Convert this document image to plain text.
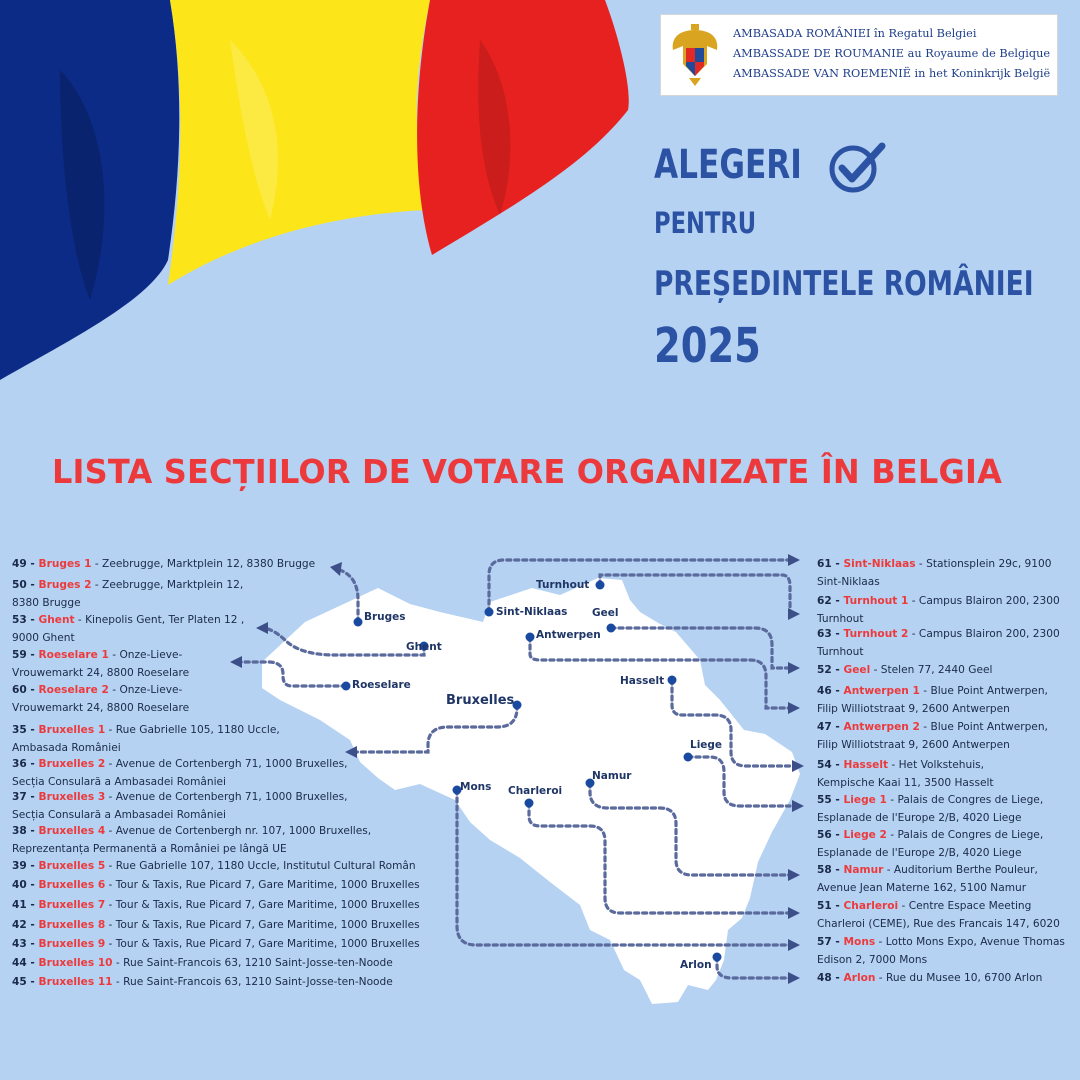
AMBASADA ROMÂNIEI în Regatul Belgiei
AMBASSADE DE ROUMANIE au Royaume de Belgique
AMBASSADE VAN ROEMENIË in het Koninkrijk België
ALEGERI
PENTRU
PREȘEDINTELE ROMÂNIEI
2025
LISTA SECȚIILOR DE VOTARE ORGANIZATE ÎN BELGIA
Bruges
Ghent
Roeselare
Turnhout
Sint-Niklaas Geel
Antwerpen
Bruxelles
Hasselt
Liege
Mons Charleroi
Namur
Arlon
49 - Bruges 1 - Zeebrugge, Marktplein 12, 8380 Brugge
50 - Bruges 2 - Zeebrugge, Marktplein 12,
8380 Brugge
53 - Ghent - Kinepolis Gent, Ter Platen 12 ,
9000 Ghent
59 - Roeselare 1 - Onze-Lieve-
Vrouwemarkt 24, 8800 Roeselare
60 - Roeselare 2 - Onze-Lieve-
Vrouwemarkt 24, 8800 Roeselare
35 - Bruxelles 1 - Rue Gabrielle 105, 1180 Uccle,
Ambasada României
36 - Bruxelles 2 - Avenue de Cortenbergh 71, 1000 Bruxelles,
Secția Consulară a Ambasadei României
37 - Bruxelles 3 - Avenue de Cortenbergh 71, 1000 Bruxelles,
Secția Consulară a Ambasadei României
38 - Bruxelles 4 - Avenue de Cortenbergh nr. 107, 1000 Bruxelles,
Reprezentanța Permanentă a României pe lângă UE
39 - Bruxelles 5 - Rue Gabrielle 107, 1180 Uccle, Institutul Cultural Român
40 - Bruxelles 6 - Tour & Taxis, Rue Picard 7, Gare Maritime, 1000 Bruxelles
41 - Bruxelles 7 - Tour & Taxis, Rue Picard 7, Gare Maritime, 1000 Bruxelles
42 - Bruxelles 8 - Tour & Taxis, Rue Picard 7, Gare Maritime, 1000 Bruxelles
43 - Bruxelles 9 - Tour & Taxis, Rue Picard 7, Gare Maritime, 1000 Bruxelles
44 - Bruxelles 10 - Rue Saint-Francois 63, 1210 Saint-Josse-ten-Noode
45 - Bruxelles 11 - Rue Saint-Francois 63, 1210 Saint-Josse-ten-Noode
61 - Sint-Niklaas - Stationsplein 29c, 9100
Sint-Niklaas
62 - Turnhout 1 - Campus Blairon 200, 2300
Turnhout
63 - Turnhout 2 - Campus Blairon 200, 2300
Turnhout
52 - Geel - Stelen 77, 2440 Geel
46 - Antwerpen 1 - Blue Point Antwerpen,
Filip Williotstraat 9, 2600 Antwerpen
47 - Antwerpen 2 - Blue Point Antwerpen,
Filip Williotstraat 9, 2600 Antwerpen
54 - Hasselt - Het Volkstehuis,
Kempische Kaai 11, 3500 Hasselt
55 - Liege 1 - Palais de Congres de Liege,
Esplanade de l'Europe 2/B, 4020 Liege
56 - Liege 2 - Palais de Congres de Liege,
Esplanade de l'Europe 2/B, 4020 Liege
58 - Namur - Auditorium Berthe Pouleur,
Avenue Jean Materne 162, 5100 Namur
51 - Charleroi - Centre Espace Meeting
Charleroi (CEME), Rue des Francais 147, 6020
57 - Mons - Lotto Mons Expo, Avenue Thomas
Edison 2, 7000 Mons
48 - Arlon - Rue du Musee 10, 6700 Arlon
